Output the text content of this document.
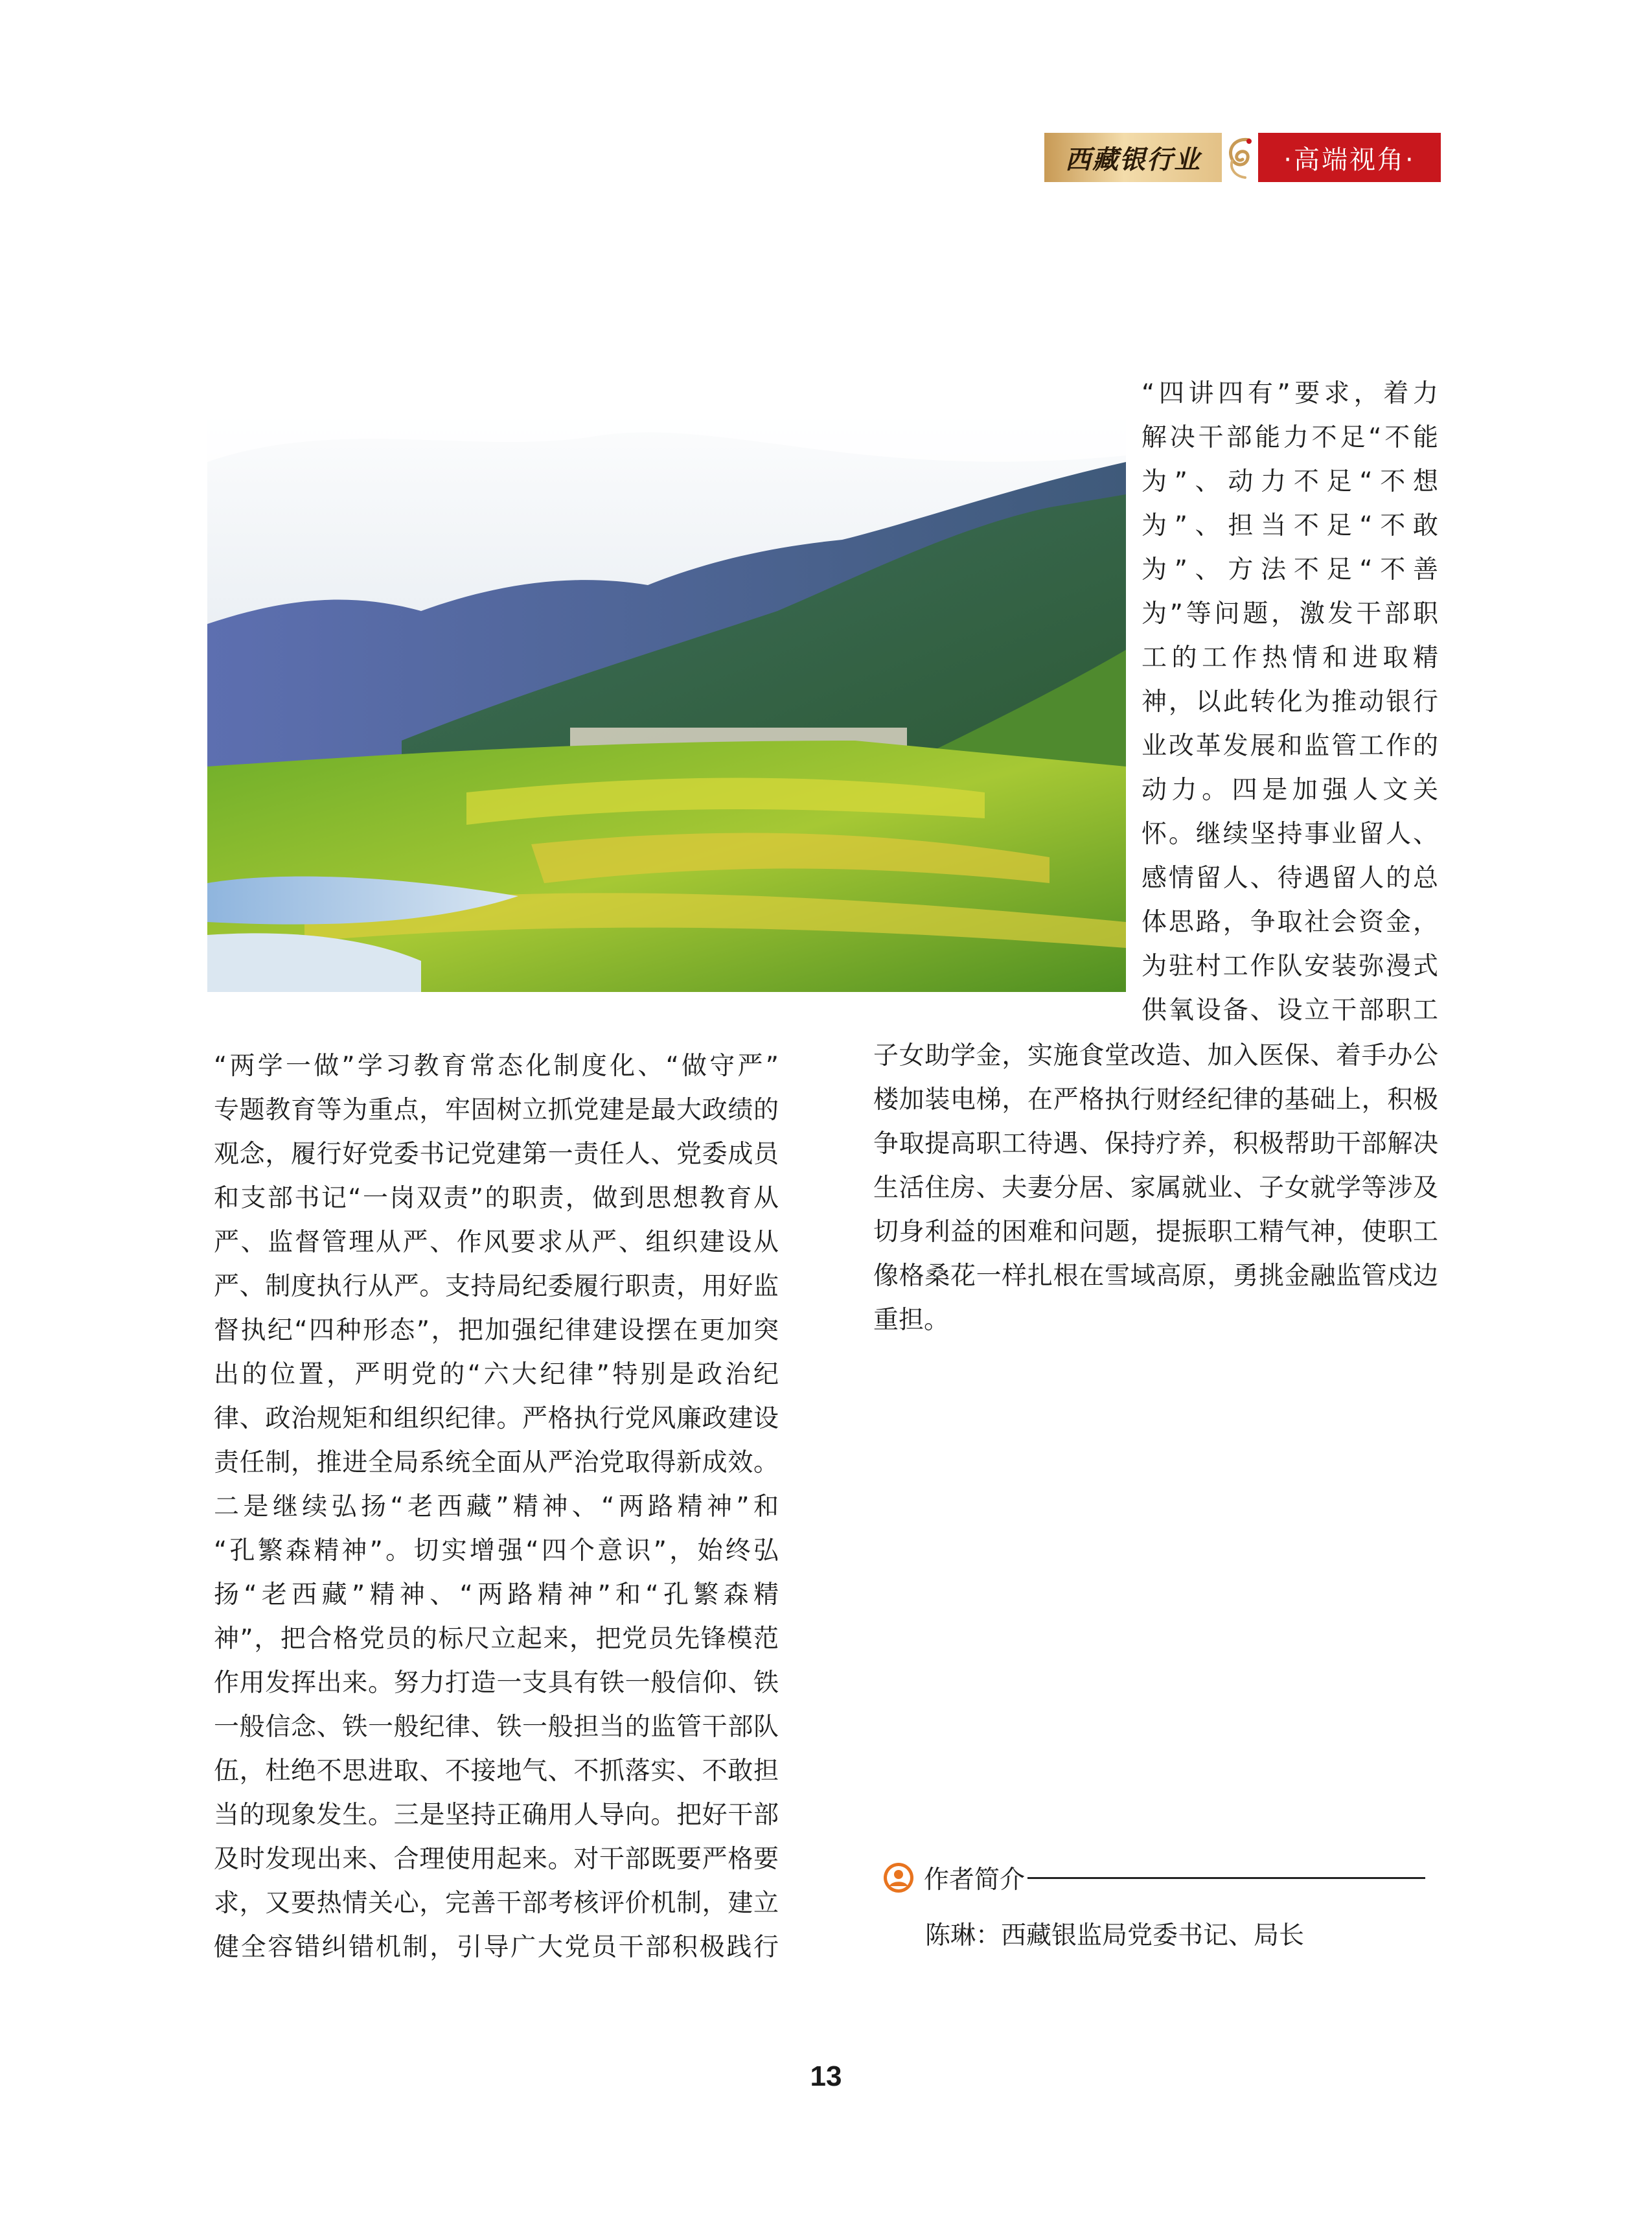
西藏银行业	·高端视角·
“四讲四有”要求，着力
解决干部能力不足“不能
为”、动力不足“不想
为”、担当不足“不敢
为”、方法不足“不善
为”等问题，激发干部职
工的工作热情和进取精
神，以此转化为推动银行
业改革发展和监管工作的
动力。四是加强人文关
怀。继续坚持事业留人、
感情留人、待遇留人的总
体思路，争取社会资金，
为驻村工作队安装弥漫式
供氧设备、设立干部职工
子女助学金，实施食堂改造、加入医保、着手办公
楼加装电梯，在严格执行财经纪律的基础上，积极
争取提高职工待遇、保持疗养，积极帮助干部解决
生活住房、夫妻分居、家属就业、子女就学等涉及
切身利益的困难和问题，提振职工精气神，使职工
像格桑花一样扎根在雪域高原，勇挑金融监管戍边
重担。
“两学一做”学习教育常态化制度化、“做守严”
专题教育等为重点，牢固树立抓党建是最大政绩的
观念，履行好党委书记党建第一责任人、党委成员
和支部书记“一岗双责”的职责，做到思想教育从
严、监督管理从严、作风要求从严、组织建设从
严、制度执行从严。支持局纪委履行职责，用好监
督执纪“四种形态”，把加强纪律建设摆在更加突
出的位置，严明党的“六大纪律”特别是政治纪
律、政治规矩和组织纪律。严格执行党风廉政建设
责任制，推进全局系统全面从严治党取得新成效。
二是继续弘扬“老西藏”精神、“两路精神”和
“孔繁森精神”。切实增强“四个意识”，始终弘
扬“老西藏”精神、“两路精神”和“孔繁森精
神”，把合格党员的标尺立起来，把党员先锋模范
作用发挥出来。努力打造一支具有铁一般信仰、铁
一般信念、铁一般纪律、铁一般担当的监管干部队
伍，杜绝不思进取、不接地气、不抓落实、不敢担
当的现象发生。三是坚持正确用人导向。把好干部
及时发现出来、合理使用起来。对干部既要严格要
求，又要热情关心，完善干部考核评价机制，建立
健全容错纠错机制，引导广大党员干部积极践行
作者简介
陈琳：西藏银监局党委书记、局长
13
